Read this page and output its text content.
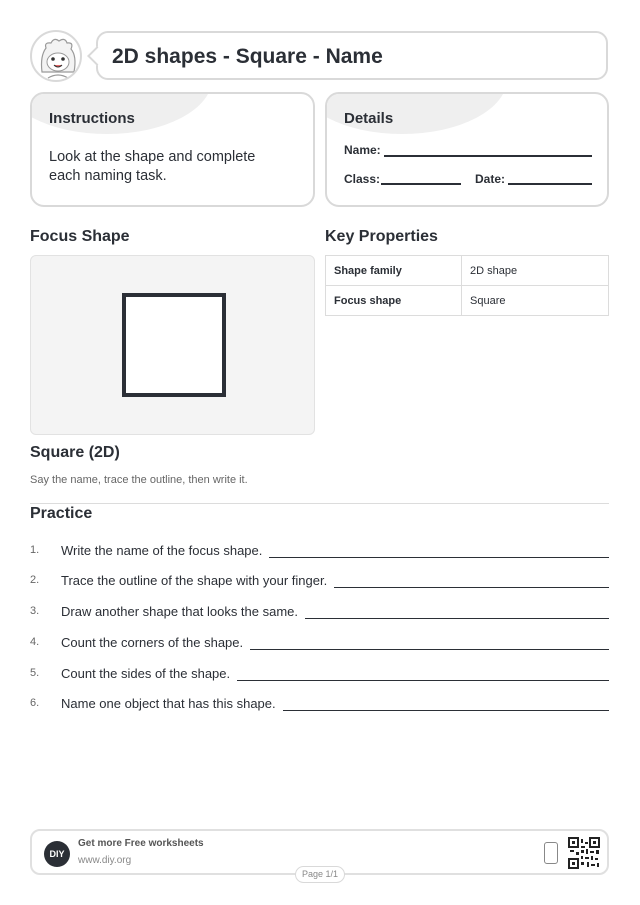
2D shapes - Square - Name
Instructions
Look at the shape and complete each naming task.
Details
Name:
Class:	Date:
Focus Shape	Key Properties
Shape family	2D shape
Focus shape	Square
Square (2D)
Say the name, trace the outline, then write it.
Practice
1.	Write the name of the focus shape.
2.	Trace the outline of the shape with your finger.
3.	Draw another shape that looks the same.
4.	Count the corners of the shape.
5.	Count the sides of the shape.
6.	Name one object that has this shape.
DIY
Get more Free worksheets
www.diy.org
Page 1/1
